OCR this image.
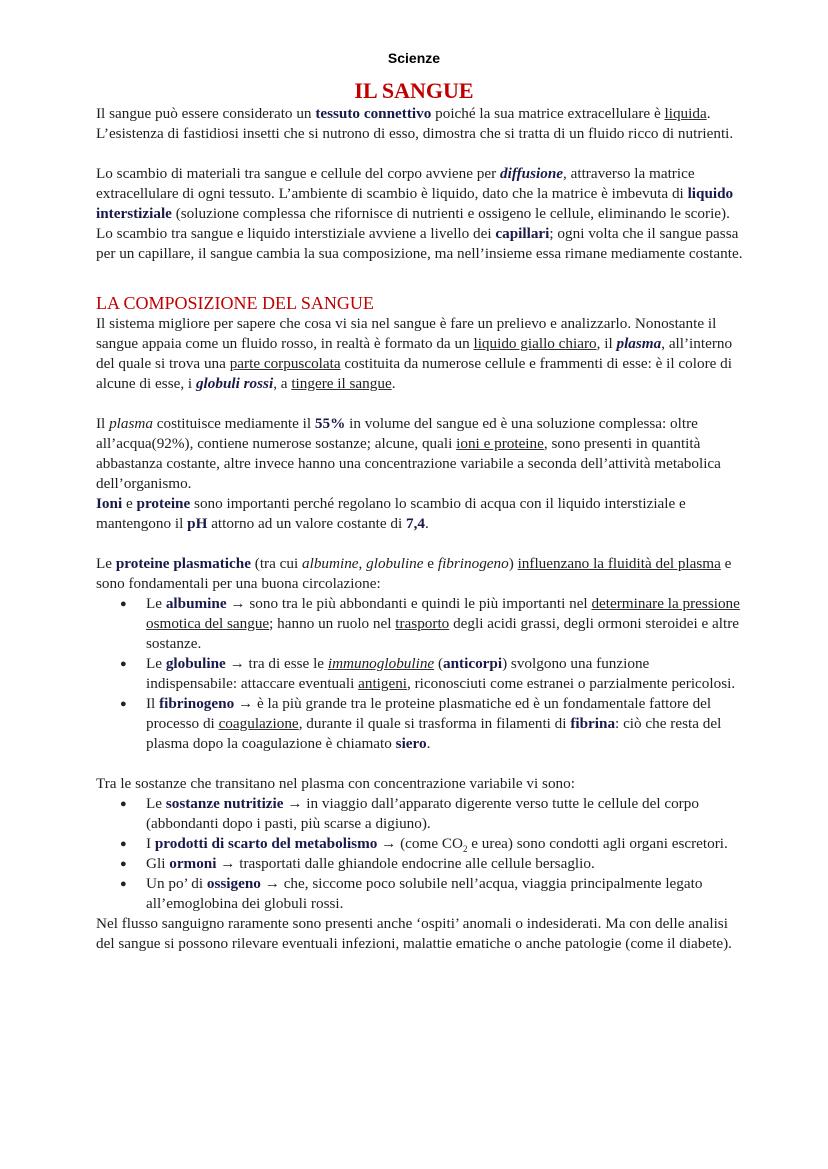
Scienze
IL SANGUE

Il sangue può essere considerato un tessuto connettivo poiché la sua matrice extracellulare è liquida. L’esistenza di fastidiosi insetti che si nutrono di esso, dimostra che si tratta di un fluido ricco di nutrienti.

Lo scambio di materiali tra sangue e cellule del corpo avviene per diffusione, attraverso la matrice extracellulare di ogni tessuto. L’ambiente di scambio è liquido, dato che la matrice è imbevuta di liquido interstiziale (soluzione complessa che rifornisce di nutrienti e ossigeno le cellule, eliminando le scorie).

Lo scambio tra sangue e liquido interstiziale avviene a livello dei capillari; ogni volta che il sangue passa per un capillare, il sangue cambia la sua composizione, ma nell’insieme essa rimane mediamente costante.

LA COMPOSIZIONE DEL SANGUE

Il sistema migliore per sapere che cosa vi sia nel sangue è fare un prelievo e analizzarlo. Nonostante il sangue appaia come un fluido rosso, in realtà è formato da un liquido giallo chiaro, il plasma, all’interno del quale si trova una parte corpuscolata costituita da numerose cellule e frammenti di esse: è il colore di alcune di esse, i globuli rossi, a tingere il sangue.

Il plasma costituisce mediamente il 55% in volume del sangue ed è una soluzione complessa: oltre all’acqua(92%), contiene numerose sostanze; alcune, quali ioni e proteine, sono presenti in quantità abbastanza costante, altre invece hanno una concentrazione variabile a seconda dell’attività metabolica dell’organismo.

Ioni e proteine sono importanti perché regolano lo scambio di acqua con il liquido interstiziale e mantengono il pH attorno ad un valore costante di 7,4.

Le proteine plasmatiche (tra cui albumine, globuline e fibrinogeno) influenzano la fluidità del plasma e sono fondamentali per una buona circolazione:

● Le albumine → sono tra le più abbondanti e quindi le più importanti nel determinare la pressione osmotica del sangue; hanno un ruolo nel trasporto degli acidi grassi, degli ormoni steroidei e altre sostanze.
● Le globuline → tra di esse le immunoglobuline (anticorpi) svolgono una funzione indispensabile: attaccare eventuali antigeni, riconosciuti come estranei o parzialmente pericolosi.
● Il fibrinogeno → è la più grande tra le proteine plasmatiche ed è un fondamentale fattore del processo di coagulazione, durante il quale si trasforma in filamenti di fibrina: ciò che resta del plasma dopo la coagulazione è chiamato siero.

Tra le sostanze che transitano nel plasma con concentrazione variabile vi sono:

● Le sostanze nutritizie → in viaggio dall’apparato digerente verso tutte le cellule del corpo (abbondanti dopo i pasti, più scarse a digiuno).
● I prodotti di scarto del metabolismo → (come $CO_2$ e urea) sono condotti agli organi escretori.
● Gli ormoni → trasportati dalle ghiandole endocrine alle cellule bersaglio.
● Un po’ di ossigeno → che, siccome poco solubile nell’acqua, viaggia principalmente legato all’emoglobina dei globuli rossi.

Nel flusso sanguigno raramente sono presenti anche ‘ospiti’ anomali o indesiderati. Ma con delle analisi del sangue si possono rilevare eventuali infezioni, malattie ematiche o anche patologie (come il diabete).
